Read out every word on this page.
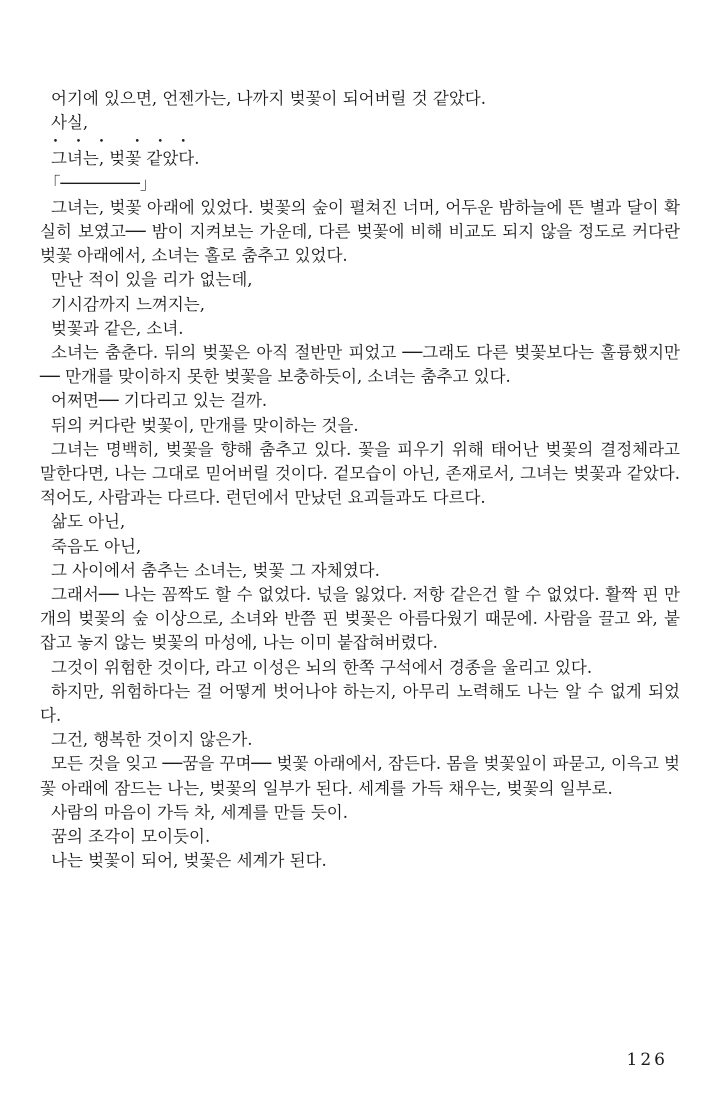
어기에 있으면, 언젠가는, 나까지 벚꽃이 되어버릴 것 같았다.

사실,

・・・ ・・・

그녀는, 벚꽃 같았다.

「────────」

그녀는, 벚꽃 아래에 있었다. 벚꽃의 숲이 펼쳐진 너머, 어두운 밤하늘에 뜬 별과 달이 확실히 보였고── 밤이 지켜보는 가운데, 다른 벚꽃에 비해 비교도 되지 않을 정도로 커다란 벚꽃 아래에서, 소녀는 홀로 춤추고 있었다.

만난 적이 있을 리가 없는데,

기시감까지 느껴지는,

벚꽃과 같은, 소녀.

소녀는 춤춘다. 뒤의 벚꽃은 아직 절반만 피었고 ──그래도 다른 벚꽃보다는 훌륭했지만── 만개를 맞이하지 못한 벚꽃을 보충하듯이, 소녀는 춤추고 있다.

어쩌면── 기다리고 있는 걸까.

뒤의 커다란 벚꽃이, 만개를 맞이하는 것을.

그녀는 명백히, 벚꽃을 향해 춤추고 있다. 꽃을 피우기 위해 태어난 벚꽃의 결정체라고 말한다면, 나는 그대로 믿어버릴 것이다. 겉모습이 아닌, 존재로서, 그녀는 벚꽃과 같았다. 적어도, 사람과는 다르다. 런던에서 만났던 요괴들과도 다르다.

삶도 아닌,

죽음도 아닌,

그 사이에서 춤추는 소녀는, 벚꽃 그 자체였다.

그래서── 나는 꼼짝도 할 수 없었다. 넋을 잃었다. 저항 같은건 할 수 없었다. 활짝 핀 만개의 벚꽃의 숲 이상으로, 소녀와 반쯤 핀 벚꽃은 아름다웠기 때문에. 사람을 끌고 와, 붙잡고 놓지 않는 벚꽃의 마성에, 나는 이미 붙잡혀버렸다.

그것이 위험한 것이다, 라고 이성은 뇌의 한쪽 구석에서 경종을 울리고 있다.

하지만, 위험하다는 걸 어떻게 벗어나야 하는지, 아무리 노력해도 나는 알 수 없게 되었다.

그건, 행복한 것이지 않은가.

모든 것을 잊고 ──꿈을 꾸며── 벚꽃 아래에서, 잠든다. 몸을 벚꽃잎이 파묻고, 이윽고 벚꽃 아래에 잠드는 나는, 벚꽃의 일부가 된다. 세계를 가득 채우는, 벚꽃의 일부로.

사람의 마음이 가득 차, 세계를 만들 듯이.

꿈의 조각이 모이듯이.

나는 벚꽃이 되어, 벚꽃은 세계가 된다.

126
